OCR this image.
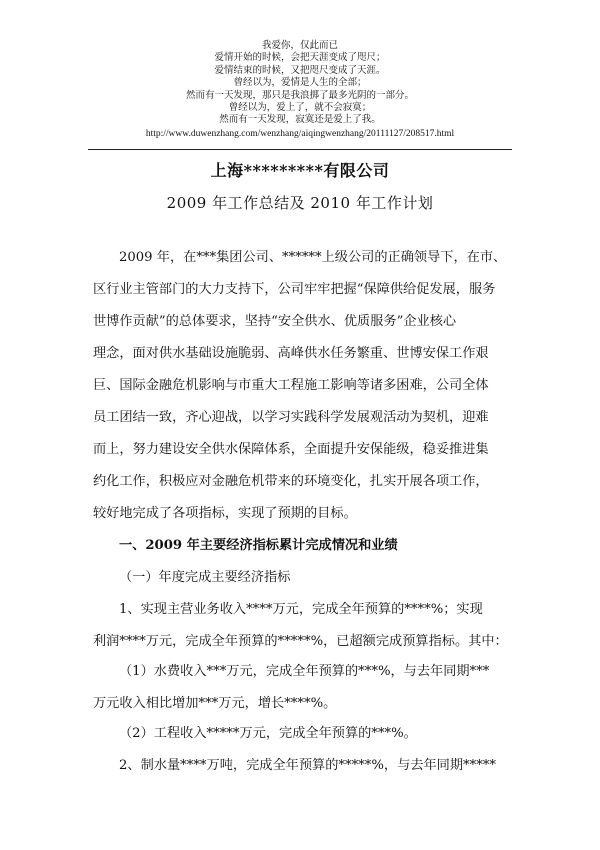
我爱你，仅此而已
爱情开始的时候，会把天涯变成了咫尺；
爱情结束的时候，又把咫尺变成了天涯。
曾经以为，爱情是人生的全部；
然而有一天发现，那只是我浪掷了最多光阴的一部分。
曾经以为，爱上了，就不会寂寞；
然而有一天发现，寂寞还是爱上了我。
http://www.duwenzhang.com/wenzhang/aiqingwenzhang/20111127/208517.html
上海*********有限公司
2009 年工作总结及 2010 年工作计划
2009 年，在***集团公司、******上级公司的正确领导下，在市、
区行业主管部门的大力支持下，公司牢牢把握“保障供给促发展，服务
世博作贡献”的总体要求，坚持“安全供水、优质服务”企业核心
理念，面对供水基础设施脆弱、高峰供水任务繁重、世博安保工作艰
巨、国际金融危机影响与市重大工程施工影响等诸多困难，公司全体
员工团结一致，齐心迎战，以学习实践科学发展观活动为契机，迎难
而上，努力建设安全供水保障体系，全面提升安保能级，稳妥推进集
约化工作，积极应对金融危机带来的环境变化，扎实开展各项工作，
较好地完成了各项指标，实现了预期的目标。
一、2009 年主要经济指标累计完成情况和业绩
（一）年度完成主要经济指标
1、实现主营业务收入****万元，完成全年预算的****%；实现
利润****万元，完成全年预算的*****%，已超额完成预算指标。其中：
（1）水费收入***万元，完成全年预算的***%，与去年同期***
万元收入相比增加***万元，增长****%。
（2）工程收入*****万元，完成全年预算的***%。
2、制水量****万吨，完成全年预算的*****%，与去年同期*****
